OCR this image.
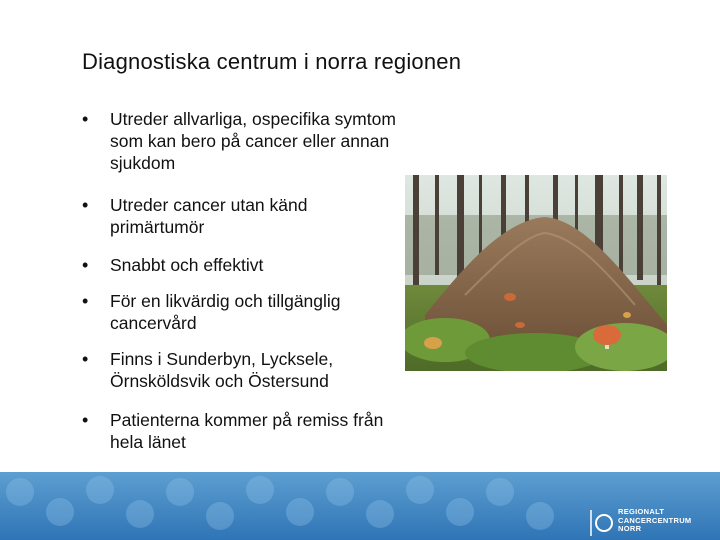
Diagnostiska centrum i norra regionen
• Utreder allvarliga, ospecifika symtom
som kan bero på cancer eller annan
sjukdom
• Utreder cancer utan känd
primärtumör
• Snabbt och effektivt
• För en likvärdig och tillgänglig
cancervård
• Finns i Sunderbyn, Lycksele,
Örnsköldsvik och Östersund
• Patienterna kommer på remiss från
hela länet
REGIONALT
CANCERCENTRUM
NORR
